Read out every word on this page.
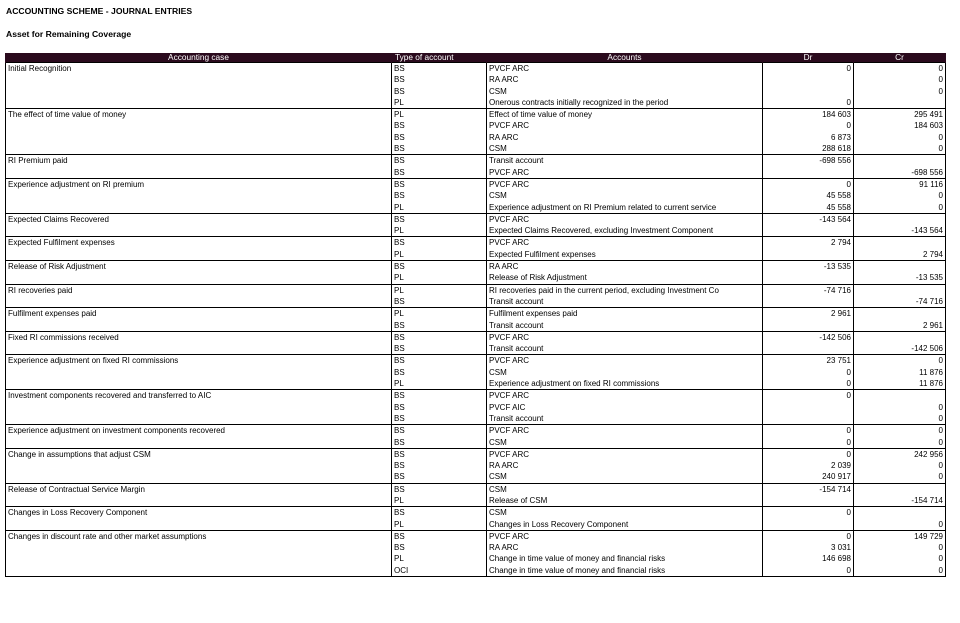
ACCOUNTING SCHEME - JOURNAL ENTRIES
Asset for Remaining Coverage
Accounting case	Type of account	Accounts	Dr	Cr
Initial Recognition	BS	PVCF ARC	0	0
	BS	RA ARC		0
	BS	CSM		0
	PL	Onerous contracts initially recognized in the period	0	
The effect of time value of money	PL	Effect of time value of money	184 603	295 491
	BS	PVCF ARC	0	184 603
	BS	RA ARC	6 873	0
	BS	CSM	288 618	0
RI Premium paid	BS	Transit account	-698 556	
	BS	PVCF ARC		-698 556
Experience adjustment on RI premium	BS	PVCF ARC	0	91 116
	BS	CSM	45 558	0
	PL	Experience adjustment on RI Premium related to current service	45 558	0
Expected Claims Recovered	BS	PVCF ARC	-143 564	
	PL	Expected Claims Recovered, excluding Investment Component		-143 564
Expected Fulfilment expenses	BS	PVCF ARC	2 794	
	PL	Expected Fulfilment expenses		2 794
Release of Risk Adjustment	BS	RA ARC	-13 535	
	PL	Release of Risk Adjustment		-13 535
RI recoveries paid	PL	RI recoveries paid in the current period, excluding Investment Co	-74 716	
	BS	Transit account		-74 716
Fulfilment expenses paid	PL	Fulfilment expenses paid	2 961	
	BS	Transit account		2 961
Fixed RI commissions received	BS	PVCF ARC	-142 506	
	BS	Transit account		-142 506
Experience adjustment on fixed RI commissions	BS	PVCF ARC	23 751	0
	BS	CSM	0	11 876
	PL	Experience adjustment on fixed RI commissions	0	11 876
Investment components recovered and transferred to AIC	BS	PVCF ARC	0	
	BS	PVCF AIC		0
	BS	Transit account		0
Experience adjustment on investment components recovered	BS	PVCF ARC	0	0
	BS	CSM	0	0
Change in assumptions that adjust CSM	BS	PVCF ARC	0	242 956
	BS	RA ARC	2 039	0
	BS	CSM	240 917	0
Release of Contractual Service Margin	BS	CSM	-154 714	
	PL	Release of CSM		-154 714
Changes in Loss Recovery Component	BS	CSM	0	
	PL	Changes in Loss Recovery Component		0
Changes in discount rate and other market assumptions	BS	PVCF ARC	0	149 729
	BS	RA ARC	3 031	0
	PL	Change in time value of money and financial risks	146 698	0
	OCI	Change in time value of money and financial risks	0	0
